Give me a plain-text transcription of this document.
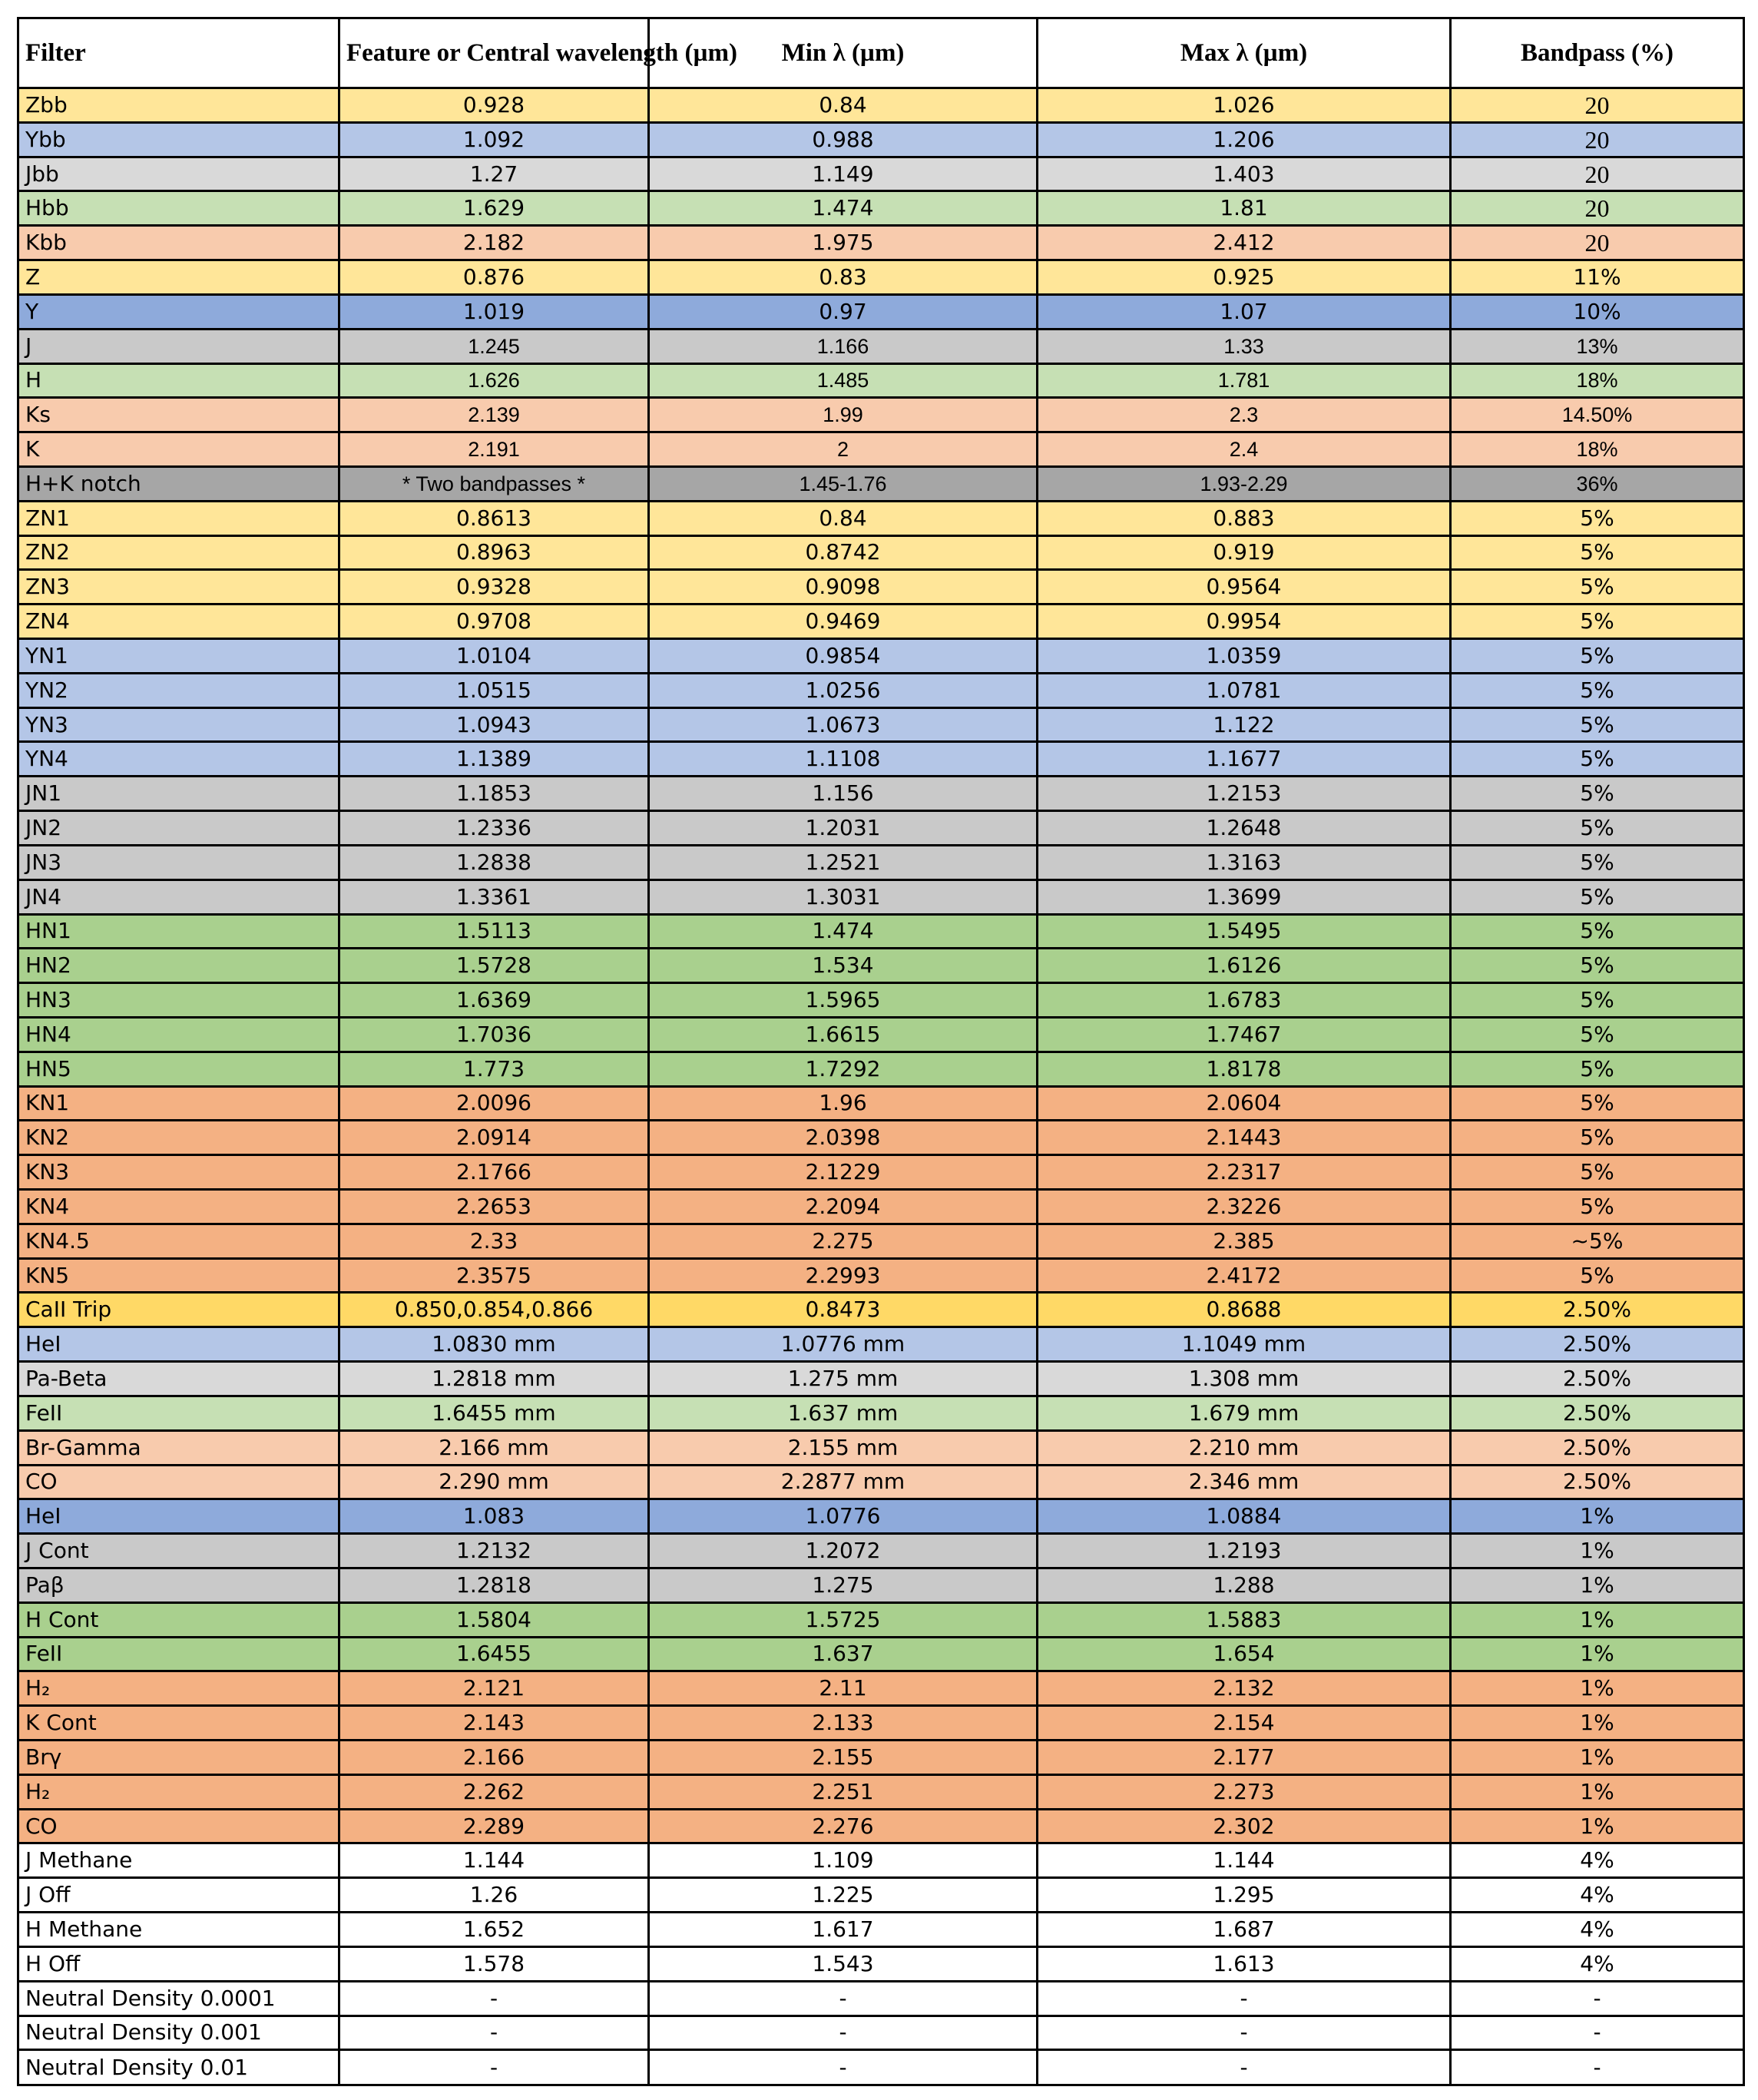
Filter	Feature or Central wavelength (µm)	Min λ (µm)	Max λ (µm)	Bandpass (%)
Zbb	0.928	0.84	1.026	20
Ybb	1.092	0.988	1.206	20
Jbb	1.27	1.149	1.403	20
Hbb	1.629	1.474	1.81	20
Kbb	2.182	1.975	2.412	20
Z	0.876	0.83	0.925	11%
Y	1.019	0.97	1.07	10%
J	1.245	1.166	1.33	13%
H	1.626	1.485	1.781	18%
Ks	2.139	1.99	2.3	14.50%
K	2.191	2	2.4	18%
H+K notch	* Two bandpasses *	1.45-1.76	1.93-2.29	36%
ZN1	0.8613	0.84	0.883	5%
ZN2	0.8963	0.8742	0.919	5%
ZN3	0.9328	0.9098	0.9564	5%
ZN4	0.9708	0.9469	0.9954	5%
YN1	1.0104	0.9854	1.0359	5%
YN2	1.0515	1.0256	1.0781	5%
YN3	1.0943	1.0673	1.122	5%
YN4	1.1389	1.1108	1.1677	5%
JN1	1.1853	1.156	1.2153	5%
JN2	1.2336	1.2031	1.2648	5%
JN3	1.2838	1.2521	1.3163	5%
JN4	1.3361	1.3031	1.3699	5%
HN1	1.5113	1.474	1.5495	5%
HN2	1.5728	1.534	1.6126	5%
HN3	1.6369	1.5965	1.6783	5%
HN4	1.7036	1.6615	1.7467	5%
HN5	1.773	1.7292	1.8178	5%
KN1	2.0096	1.96	2.0604	5%
KN2	2.0914	2.0398	2.1443	5%
KN3	2.1766	2.1229	2.2317	5%
KN4	2.2653	2.2094	2.3226	5%
KN4.5	2.33	2.275	2.385	~5%
KN5	2.3575	2.2993	2.4172	5%
CaII Trip	0.850,0.854,0.866	0.8473	0.8688	2.50%
HeI	1.0830 mm	1.0776 mm	1.1049 mm	2.50%
Pa-Beta	1.2818 mm	1.275 mm	1.308 mm	2.50%
FeII	1.6455 mm	1.637 mm	1.679 mm	2.50%
Br-Gamma	2.166 mm	2.155 mm	2.210 mm	2.50%
CO	2.290 mm	2.2877 mm	2.346 mm	2.50%
HeI	1.083	1.0776	1.0884	1%
J Cont	1.2132	1.2072	1.2193	1%
Paβ	1.2818	1.275	1.288	1%
H Cont	1.5804	1.5725	1.5883	1%
FeII	1.6455	1.637	1.654	1%
H₂	2.121	2.11	2.132	1%
K Cont	2.143	2.133	2.154	1%
Brγ	2.166	2.155	2.177	1%
H₂	2.262	2.251	2.273	1%
CO	2.289	2.276	2.302	1%
J Methane	1.144	1.109	1.144	4%
J Off	1.26	1.225	1.295	4%
H Methane	1.652	1.617	1.687	4%
H Off	1.578	1.543	1.613	4%
Neutral Density 0.0001	-	-	-	-
Neutral Density 0.001	-	-	-	-
Neutral Density 0.01	-	-	-	-
